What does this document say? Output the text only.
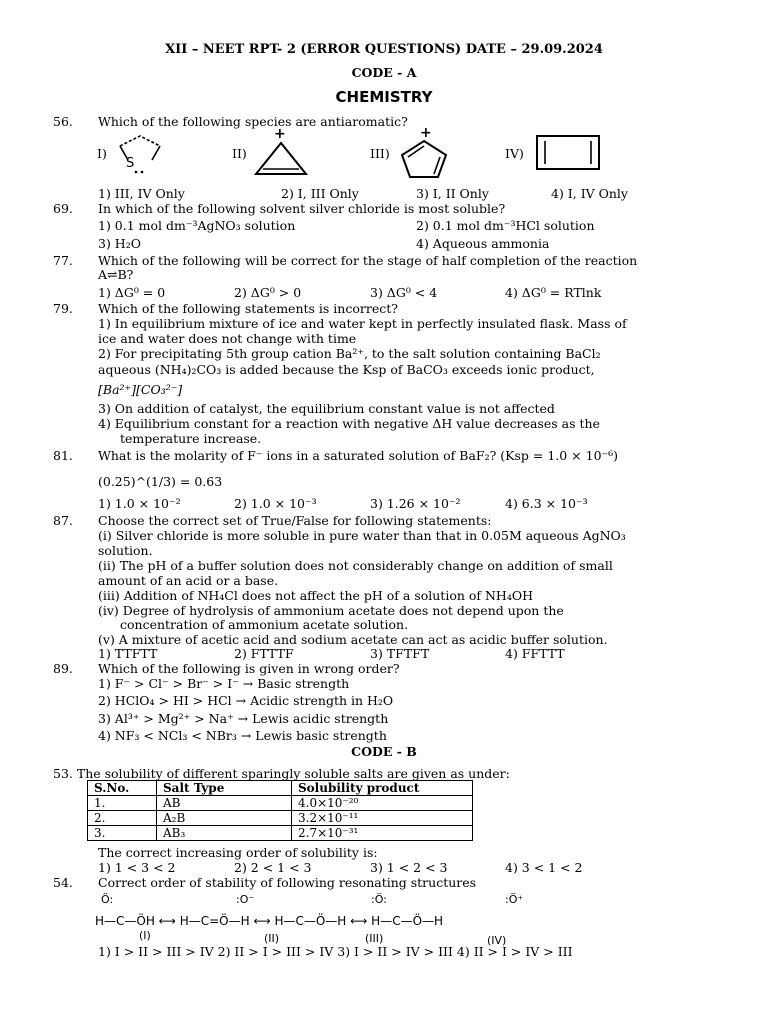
XII – NEET RPT- 2 (ERROR QUESTIONS) DATE – 29.09.2024
CODE - A
CHEMISTRY
56. Which of the following species are antiaromatic?
I)
S
II)
+
III)
+
IV)
1) III, IV Only	2) I, III Only	3) I, II Only	4) I, IV Only
69. In which of the following solvent silver chloride is most soluble?
1) 0.1 mol dm⁻³AgNO₃ solution	2) 0.1 mol dm⁻³HCl solution
3) H₂O	4) Aqueous ammonia
77. Which of the following will be correct for the stage of half completion of the reaction
A⇌B?
1) ΔG⁰ = 0	2) ΔG⁰ > 0	3) ΔG⁰ < 4	4) ΔG⁰ = RTlnk
79. Which of the following statements is incorrect?
1) In equilibrium mixture of ice and water kept in perfectly insulated flask. Mass of
ice and water does not change with time
2) For precipitating 5th group cation Ba²⁺, to the salt solution containing BaCl₂
aqueous (NH₄)₂CO₃ is added because the Ksp of BaCO₃ exceeds ionic product,
[Ba²⁺][CO₃²⁻]
3) On addition of catalyst, the equilibrium constant value is not affected
4) Equilibrium constant for a reaction with negative ΔH value decreases as the
temperature increase.
81. What is the molarity of F⁻ ions in a saturated solution of BaF₂? (Ksp = 1.0 × 10⁻⁶)
(0.25)^(1/3) = 0.63
1) 1.0 × 10⁻²	2) 1.0 × 10⁻³	3) 1.26 × 10⁻²	4) 6.3 × 10⁻³
87. Choose the correct set of True/False for following statements:
(i) Silver chloride is more soluble in pure water than that in 0.05M aqueous AgNO₃
solution.
(ii) The pH of a buffer solution does not considerably change on addition of small
amount of an acid or a base.
(iii) Addition of NH₄Cl does not affect the pH of a solution of NH₄OH
(iv) Degree of hydrolysis of ammonium acetate does not depend upon the
concentration of ammonium acetate solution.
(v) A mixture of acetic acid and sodium acetate can act as acidic buffer solution.
1) TTFTT	2) FTTTF	3) TFTFT	4) FFTTT
89. Which of the following is given in wrong order?
1) F⁻ > Cl⁻ > Br⁻ > I⁻ → Basic strength
2) HClO₄ > HI > HCl → Acidic strength in H₂O
3) Al³⁺ > Mg²⁺ > Na⁺ → Lewis acidic strength
4) NF₃ < NCl₃ < NBr₃ → Lewis basic strength
CODE - B
53. The solubility of different sparingly soluble salts are given as under:
S.No.	Salt Type	Solubility product
1.	AB	4.0×10⁻²⁰
2.	A₂B	3.2×10⁻¹¹
3.	AB₃	2.7×10⁻³¹
The correct increasing order of solubility is:
1) 1 < 3 < 2	2) 2 < 1 < 3	3) 1 < 2 < 3	4) 3 < 1 < 2
54. Correct order of stability of following resonating structures
Ö:	:O⁻	:Ö:	:Ö⁺
H—C—ÖH ⟷ H—C=Ö—H ⟷ H—C—Ö—H ⟷ H—C—Ö—H
(I)	(II)	(III)	(IV)
1) I > II > III > IV 2) II > I > III > IV 3) I > II > IV > III 4) II > I > IV > III
